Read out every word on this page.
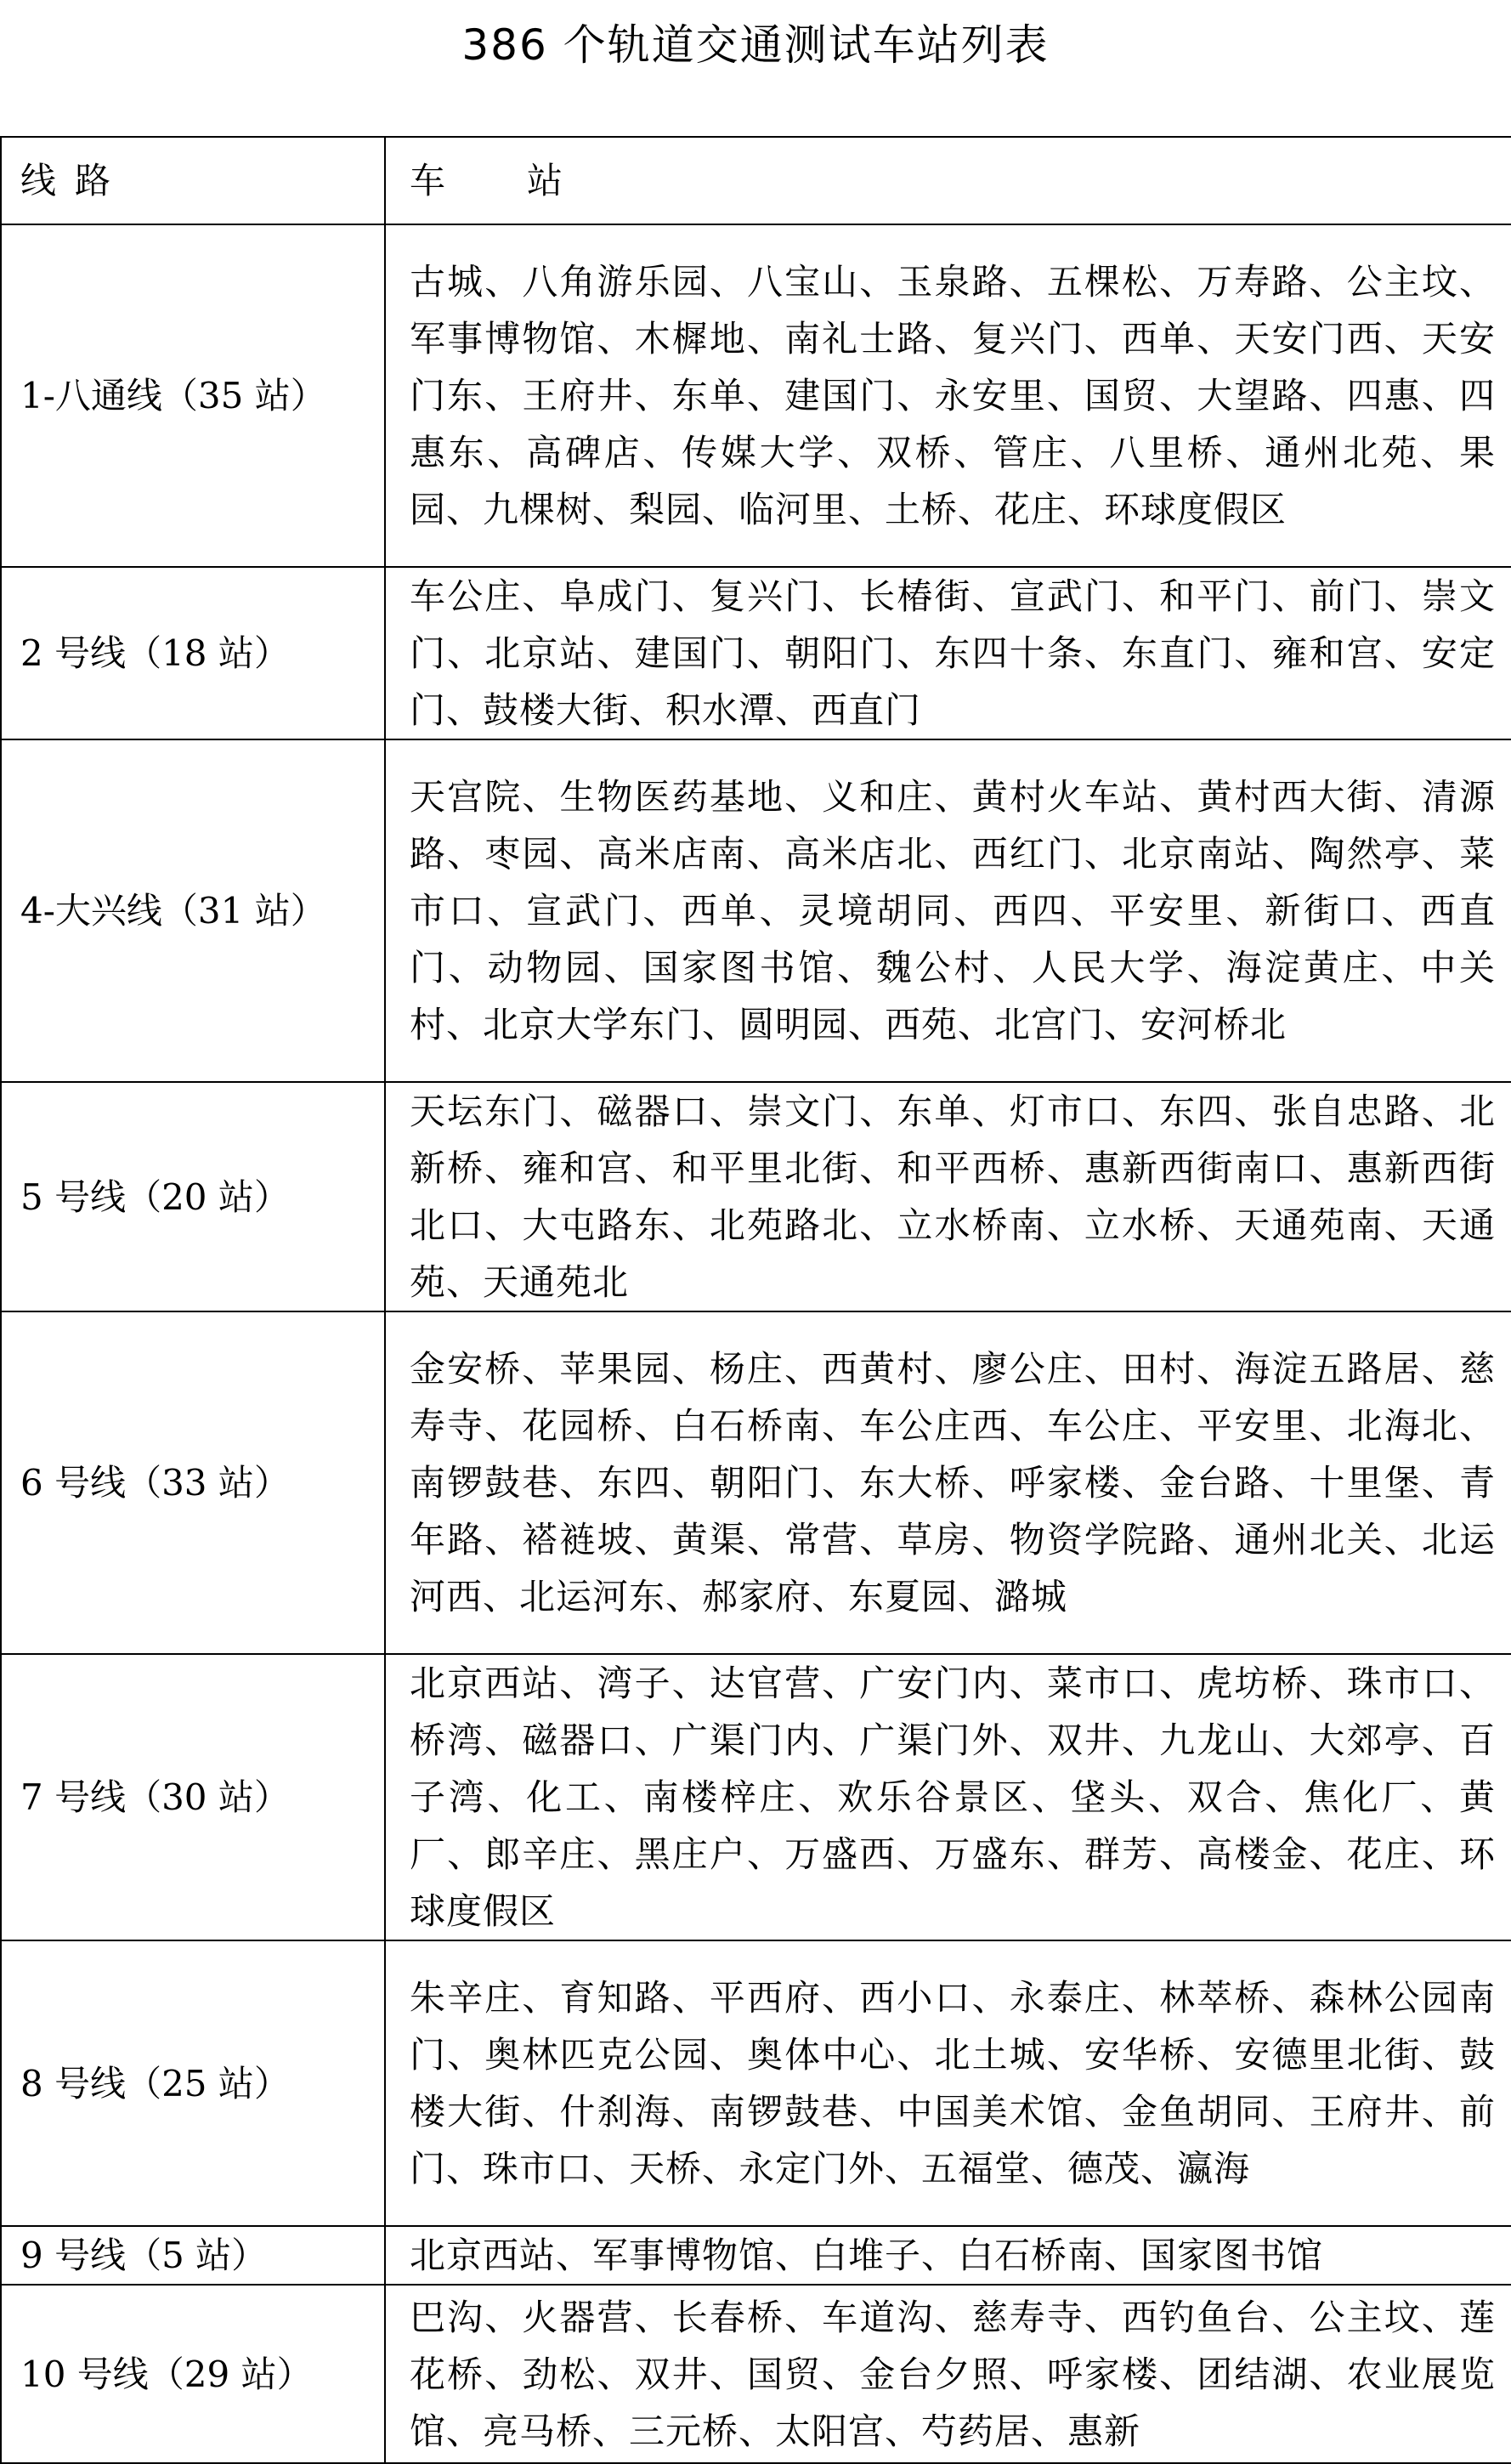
386 个轨道交通测试车站列表
线路	车站
1-八通线（35 站）	古城、八角游乐园、八宝山、玉泉路、五棵松、万寿路、公主坟、军事博物馆、木樨地、南礼士路、复兴门、西单、天安门西、天安门东、王府井、东单、建国门、永安里、国贸、大望路、四惠、四惠东、高碑店、传媒大学、双桥、管庄、八里桥、通州北苑、果园、九棵树、梨园、临河里、土桥、花庄、环球度假区
2 号线（18 站）	车公庄、阜成门、复兴门、长椿街、宣武门、和平门、前门、崇文门、北京站、建国门、朝阳门、东四十条、东直门、雍和宫、安定门、鼓楼大街、积水潭、西直门
4-大兴线（31 站）	天宫院、生物医药基地、义和庄、黄村火车站、黄村西大街、清源路、枣园、高米店南、高米店北、西红门、北京南站、陶然亭、菜市口、宣武门、西单、灵境胡同、西四、平安里、新街口、西直门、动物园、国家图书馆、魏公村、人民大学、海淀黄庄、中关村、北京大学东门、圆明园、西苑、北宫门、安河桥北
5 号线（20 站）	天坛东门、磁器口、崇文门、东单、灯市口、东四、张自忠路、北新桥、雍和宫、和平里北街、和平西桥、惠新西街南口、惠新西街北口、大屯路东、北苑路北、立水桥南、立水桥、天通苑南、天通苑、天通苑北
6 号线（33 站）	金安桥、苹果园、杨庄、西黄村、廖公庄、田村、海淀五路居、慈寿寺、花园桥、白石桥南、车公庄西、车公庄、平安里、北海北、南锣鼓巷、东四、朝阳门、东大桥、呼家楼、金台路、十里堡、青年路、褡裢坡、黄渠、常营、草房、物资学院路、通州北关、北运河西、北运河东、郝家府、东夏园、潞城
7 号线（30 站）	北京西站、湾子、达官营、广安门内、菜市口、虎坊桥、珠市口、桥湾、磁器口、广渠门内、广渠门外、双井、九龙山、大郊亭、百子湾、化工、南楼梓庄、欢乐谷景区、垡头、双合、焦化厂、黄厂、郎辛庄、黑庄户、万盛西、万盛东、群芳、高楼金、花庄、环球度假区
8 号线（25 站）	朱辛庄、育知路、平西府、西小口、永泰庄、林萃桥、森林公园南门、奥林匹克公园、奥体中心、北土城、安华桥、安德里北街、鼓楼大街、什刹海、南锣鼓巷、中国美术馆、金鱼胡同、王府井、前门、珠市口、天桥、永定门外、五福堂、德茂、瀛海
9 号线（5 站）	北京西站、军事博物馆、白堆子、白石桥南、国家图书馆
10 号线（29 站）	巴沟、火器营、长春桥、车道沟、慈寿寺、西钓鱼台、公主坟、莲花桥、劲松、双井、国贸、金台夕照、呼家楼、团结湖、农业展览馆、亮马桥、三元桥、太阳宫、芍药居、惠新
